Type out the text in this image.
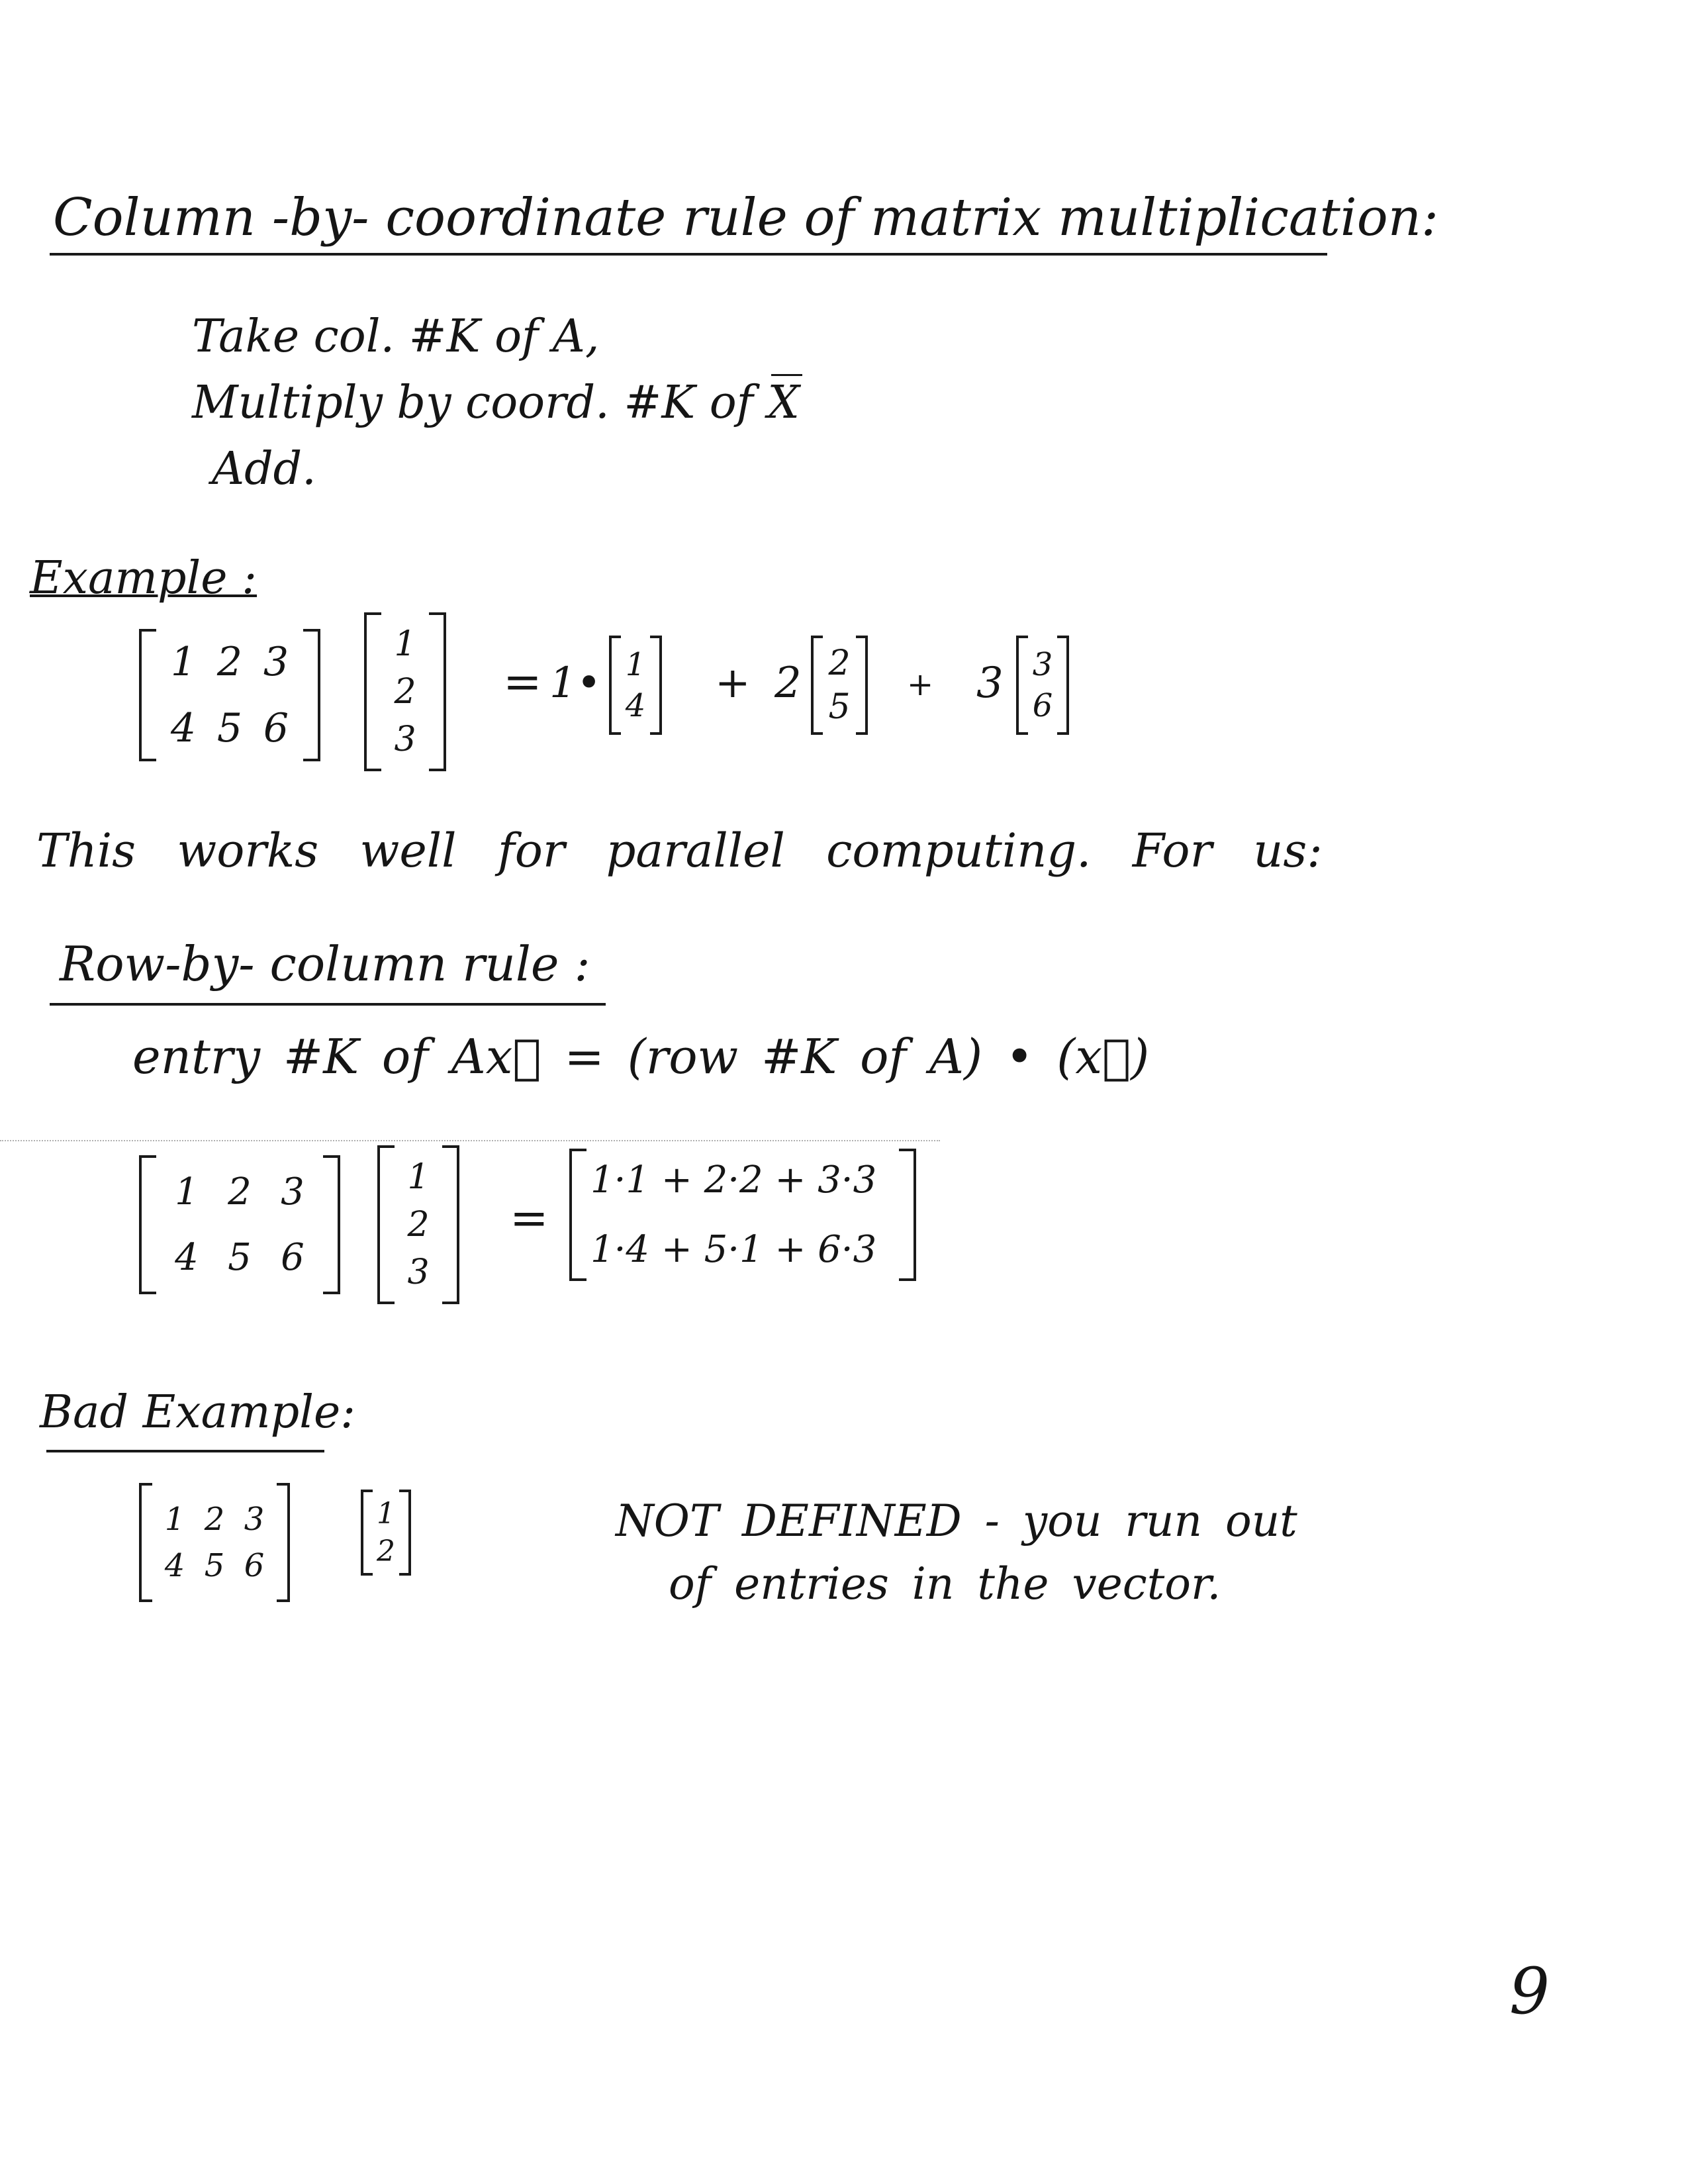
Column -by- coordinate rule of matrix multiplication:
Take col. #K of A,
Multiply by coord. #K of X
Add.
Example :
1 2 3
4 5 6
1
2
3
= 1• 1
4 + 2 2
5
+ 3 3
6
This works well for parallel computing. For us:
Row-by- column rule :
entry #K of Ax⃗ = (row #K of A) • (x⃗)
1 2 3
4 5 6
1
2
3
=
1·1 + 2·2 + 3·3
1·4 + 5·1 + 6·3
Bad Example:
1 2 3
4 5 6
1
2
NOT DEFINED - you run out
of entries in the vector.
9
